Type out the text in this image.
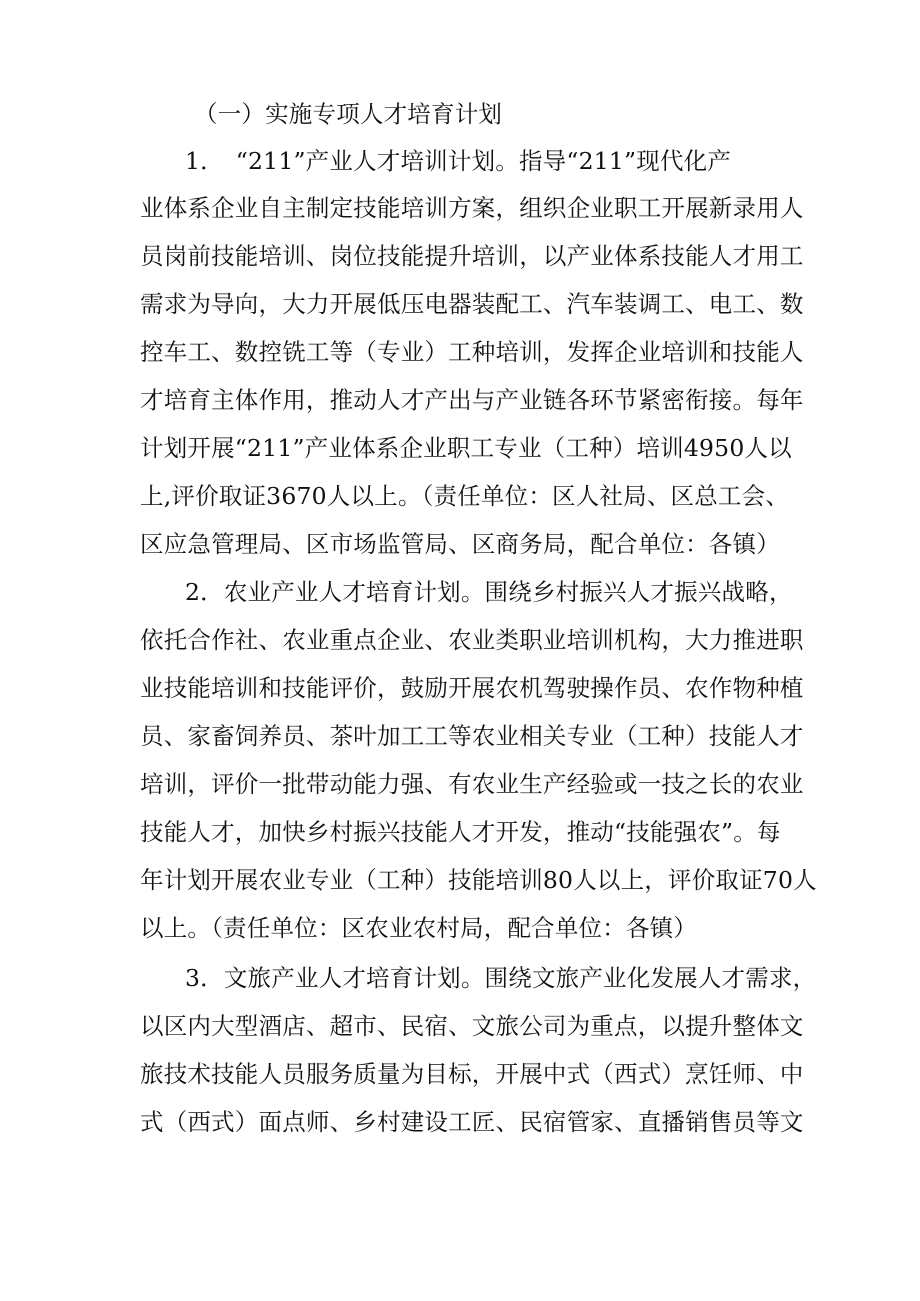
（一）实施专项人才培育计划
1．　“211”产业人才培训计划。指导“211”现代化产
业体系企业自主制定技能培训方案，组织企业职工开展新录用人
员岗前技能培训、岗位技能提升培训，以产业体系技能人才用工
需求为导向，大力开展低压电器装配工、汽车装调工、电工、数
控车工、数控铣工等（专业）工种培训，发挥企业培训和技能人
才培育主体作用，推动人才产出与产业链各环节紧密衔接。每年
计划开展“211”产业体系企业职工专业（工种）培训4950人以
上,评价取证3670人以上。（责任单位：区人社局、区总工会、
区应急管理局、区市场监管局、区商务局，配合单位：各镇）
2．农业产业人才培育计划。围绕乡村振兴人才振兴战略，
依托合作社、农业重点企业、农业类职业培训机构，大力推进职
业技能培训和技能评价，鼓励开展农机驾驶操作员、农作物种植
员、家畜饲养员、茶叶加工工等农业相关专业（工种）技能人才
培训，评价一批带动能力强、有农业生产经验或一技之长的农业
技能人才，加快乡村振兴技能人才开发，推动“技能强农”。每
年计划开展农业专业（工种）技能培训80人以上，评价取证70人
以上。（责任单位：区农业农村局，配合单位：各镇）
3．文旅产业人才培育计划。围绕文旅产业化发展人才需求，
以区内大型酒店、超市、民宿、文旅公司为重点，以提升整体文
旅技术技能人员服务质量为目标，开展中式（西式）烹饪师、中
式（西式）面点师、乡村建设工匠、民宿管家、直播销售员等文
